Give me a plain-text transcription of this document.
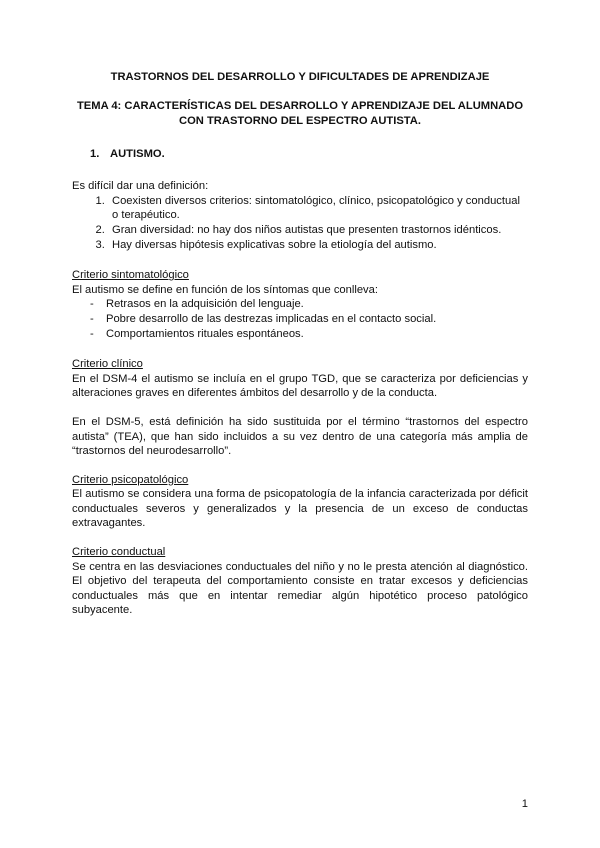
TRASTORNOS DEL DESARROLLO Y DIFICULTADES DE APRENDIZAJE
TEMA 4: CARACTERÍSTICAS DEL DESARROLLO Y APRENDIZAJE DEL ALUMNADO
CON TRASTORNO DEL ESPECTRO AUTISTA.
1. AUTISMO.

Es difícil dar una definición:

1. Coexisten diversos criterios: sintomatológico, clínico, psicopatológico y conductual o terapéutico.
2. Gran diversidad: no hay dos niños autistas que presenten trastornos idénticos.
3. Hay diversas hipótesis explicativas sobre la etiología del autismo.

Criterio sintomatológico

El autismo se define en función de los síntomas que conlleva:

- Retrasos en la adquisición del lenguaje.
- Pobre desarrollo de las destrezas implicadas en el contacto social.
- Comportamientos rituales espontáneos.

Criterio clínico

En el DSM-4 el autismo se incluía en el grupo TGD, que se caracteriza por deficiencias y alteraciones graves en diferentes ámbitos del desarrollo y de la conducta.

En el DSM-5, está definición ha sido sustituida por el término “trastornos del espectro autista” (TEA), que han sido incluidos a su vez dentro de una categoría más amplia de “trastornos del neurodesarrollo”.

Criterio psicopatológico

El autismo se considera una forma de psicopatología de la infancia caracterizada por déficit conductuales severos y generalizados y la presencia de un exceso de conductas extravagantes.

Criterio conductual

Se centra en las desviaciones conductuales del niño y no le presta atención al diagnóstico. El objetivo del terapeuta del comportamiento consiste en tratar excesos y deficiencias conductuales más que en intentar remediar algún hipotético proceso patológico subyacente.

1
